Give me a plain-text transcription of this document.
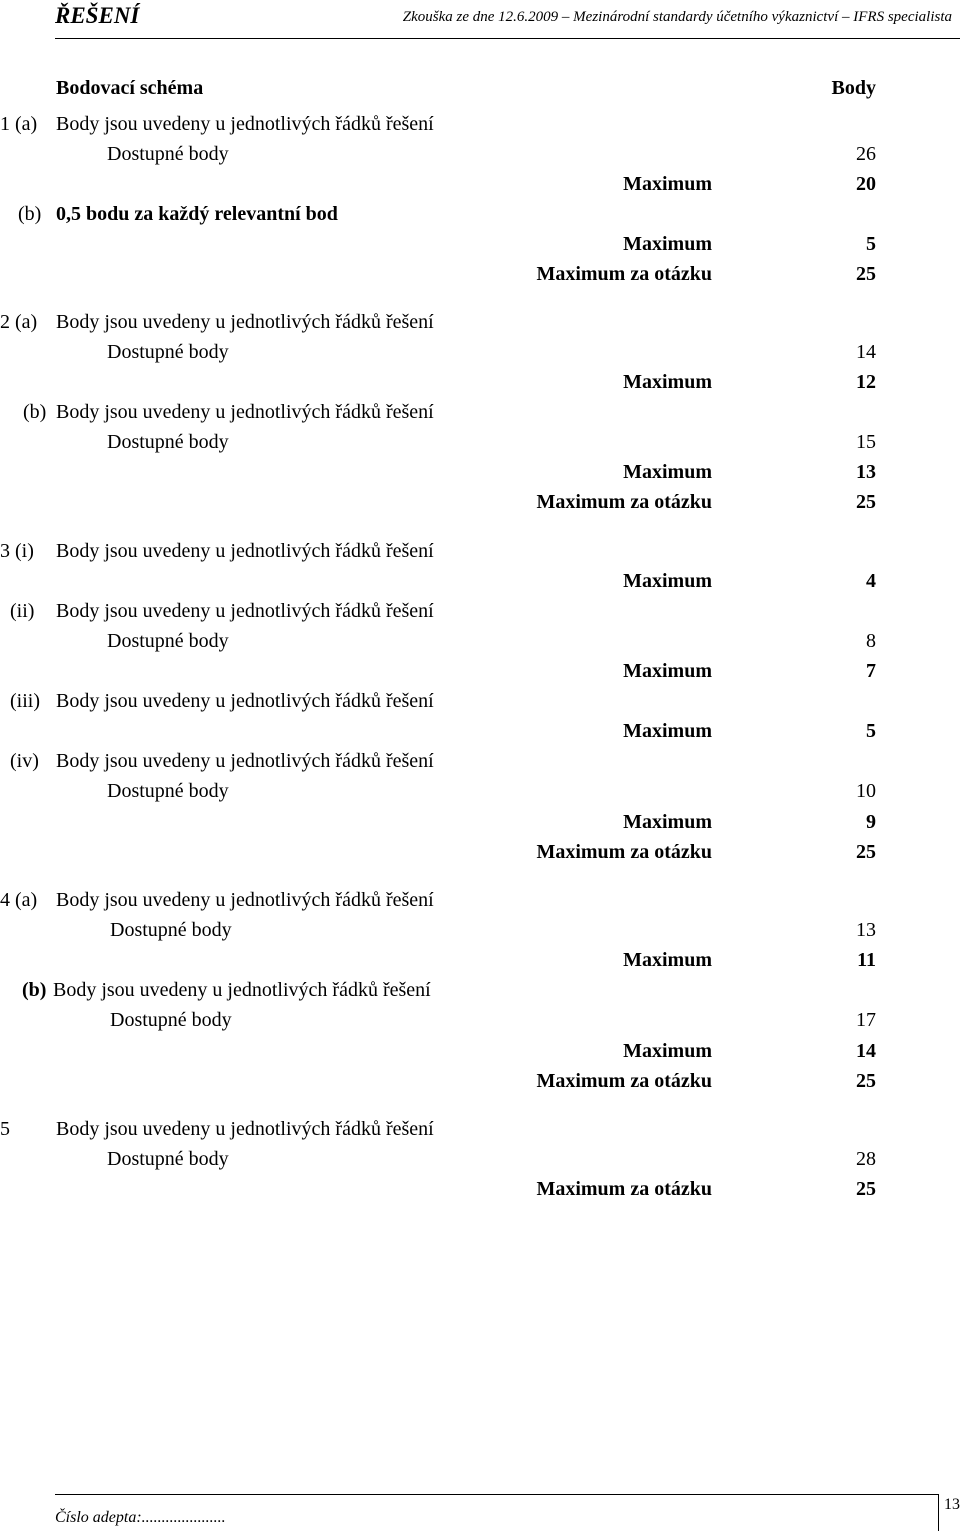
ŘEŠENÍ	Zkouška ze dne 12.6.2009 – Mezinárodní standardy účetního výkaznictví – IFRS specialista
Bodovací schéma	Body
1 (a) Body jsou uvedeny u jednotlivých řádků řešení
Dostupné body	26
Maximum	20
(b) 0,5 bodu za každý relevantní bod
Maximum	5
Maximum za otázku	25
2 (a) Body jsou uvedeny u jednotlivých řádků řešení
Dostupné body	14
Maximum	12
(b) Body jsou uvedeny u jednotlivých řádků řešení
Dostupné body	15
Maximum	13
Maximum za otázku	25
3 (i) Body jsou uvedeny u jednotlivých řádků řešení
Maximum	4
(ii) Body jsou uvedeny u jednotlivých řádků řešení
Dostupné body	8
Maximum	7
(iii) Body jsou uvedeny u jednotlivých řádků řešení
Maximum	5
(iv) Body jsou uvedeny u jednotlivých řádků řešení
Dostupné body	10
Maximum	9
Maximum za otázku	25
4 (a) Body jsou uvedeny u jednotlivých řádků řešení
Dostupné body	13
Maximum	11
(b) Body jsou uvedeny u jednotlivých řádků řešení
Dostupné body	17
Maximum	14
Maximum za otázku	25
5 Body jsou uvedeny u jednotlivých řádků řešení
Dostupné body	28
Maximum za otázku	25
Číslo adepta:.....................
13
